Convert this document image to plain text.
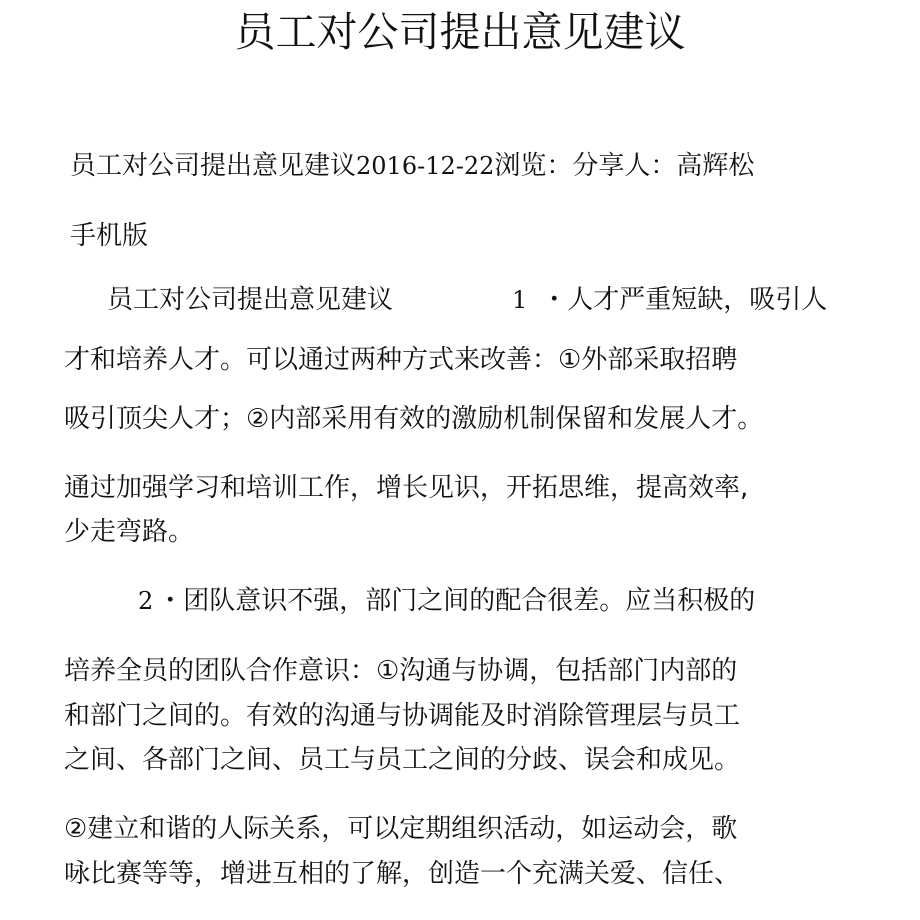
员工对公司提出意见建议

员工对公司提出意见建议2016-12-22浏览：分享人：高辉松

手机版

员工对公司提出意见建议	1 ・人才严重短缺，吸引人

才和培养人才。可以通过两种方式来改善：①外部采取招聘

吸引顶尖人才；②内部采用有效的激励机制保留和发展人才。

通过加强学习和培训工作，增长见识，开拓思维，提高效率,

少走弯路。

2 ・团队意识不强，部门之间的配合很差。应当积极的

培养全员的团队合作意识：①沟通与协调，包括部门内部的

和部门之间的。有效的沟通与协调能及时消除管理层与员工

之间、各部门之间、员工与员工之间的分歧、误会和成见。

②建立和谐的人际关系，可以定期组织活动，如运动会，歌

咏比赛等等，增进互相的了解，创造一个充满关爱、信任、
